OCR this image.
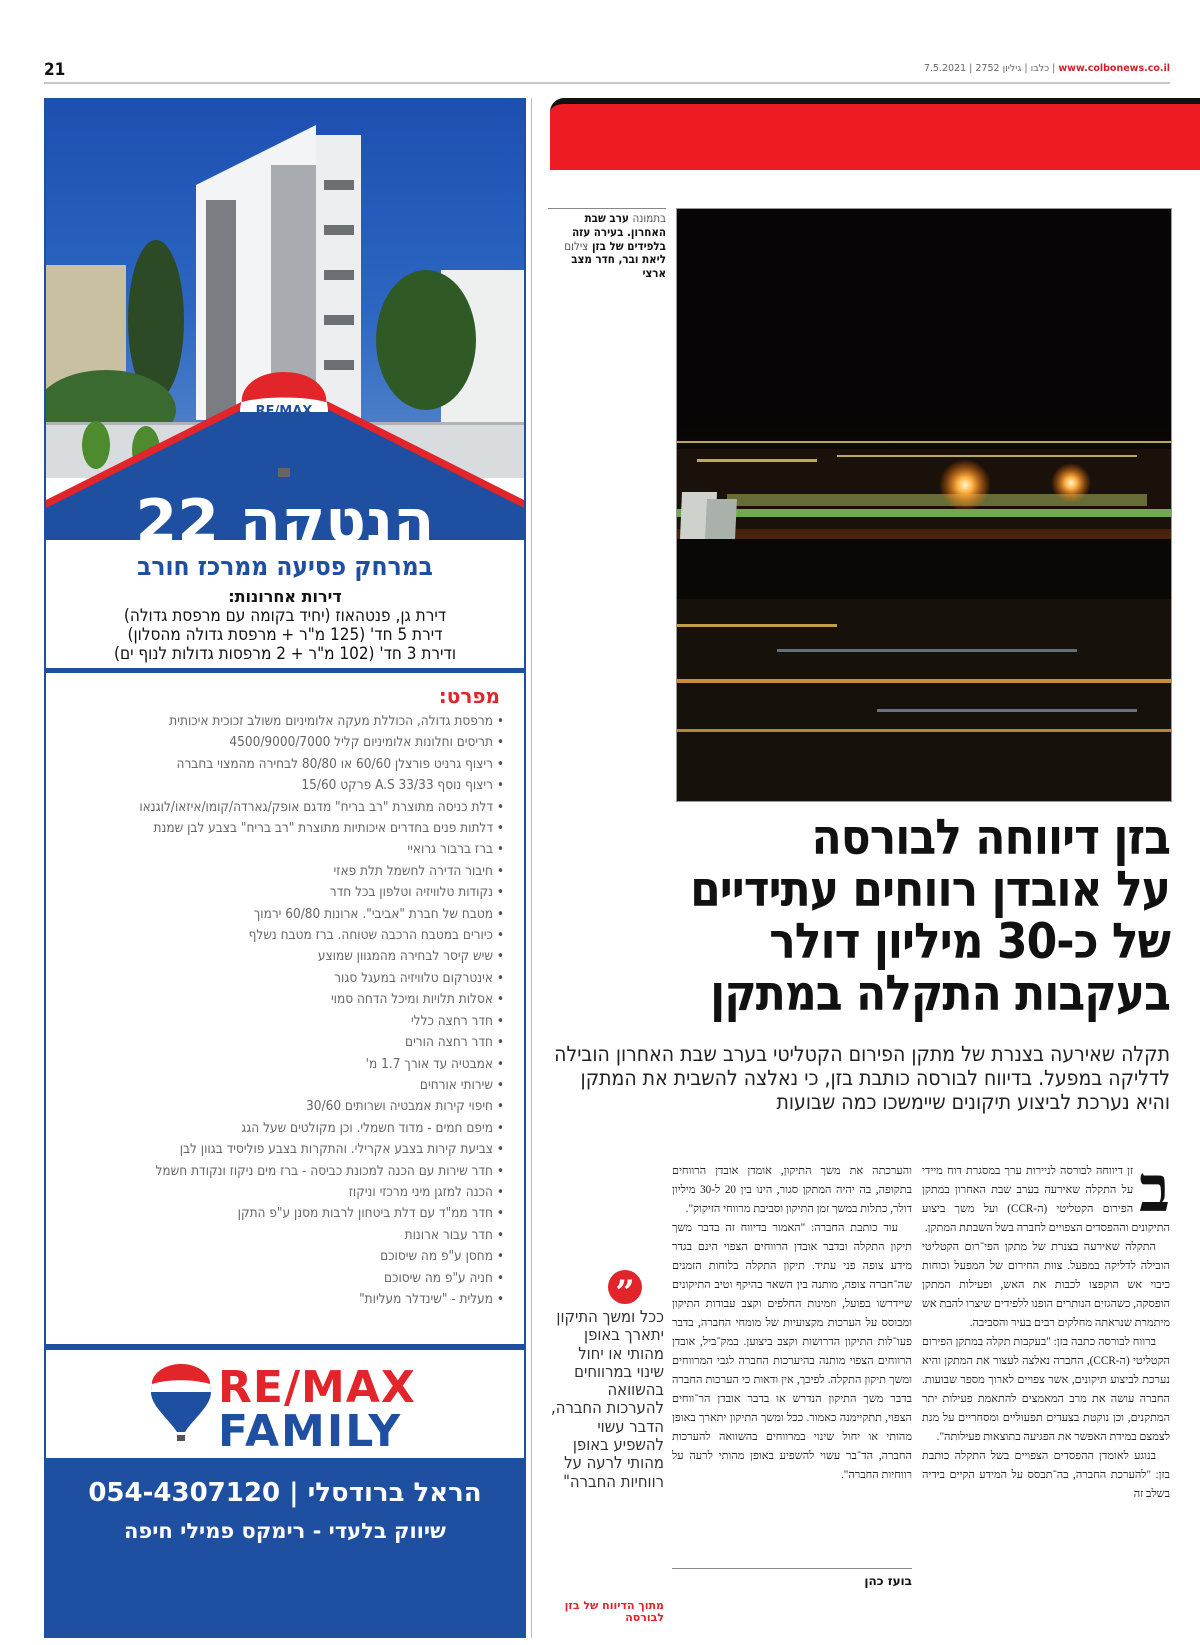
21	www.colbonews.co.il | כלבו | גיליון 2752 | 7.5.2021
בתמונה ערב שבת האחרון. בעירה עזה בלפידים של בזן צילום ליאת ובר, חדר מצב ארצי
בזן דיווחה לבורסה
על אובדן רווחים עתידיים
של כ-30 מיליון דולר
בעקבות התקלה במתקן
תקלה שאירעה בצנרת של מתקן הפירום הקטליטי בערב שבת האחרון הובילה לדליקה במפעל. בדיווח לבורסה כותבת בזן, כי נאלצה להשבית את המתקן והיא נערכת לביצוע תיקונים שיימשכו כמה שבועות

ב
זן דיווחה לבורסה לניירות ערך במסגרת דוח מיידי על התקלה שאירעה בערב שבת האחרון במתקן הפירום הקטליטי (ה-CCR) ועל משך ביצוע התיקונים וההפסדים הצפויים לחברה בשל השבתת המתקן.

התקלה שאירעה בצנרת של מתקן הפי־רום הקטליטי הובילה לדליקה במפעל. צוות החירום של המפעל וכוחות כיבוי אש הוקפצו לכבות את האש, ופעילות המתקן הופסקה, כשהגזים הנותרים הופנו ללפידים שיצרו להבת אש מיתמרת שנראתה מחלקים רבים בעיר והסביבה.

ברווח לבורסה כתבה בזן: "בעקבות תקלה במתקן הפירום הקטליטי (ה-CCR), החברה נאלצה לעצור את המתקן והיא נערכת לביצוע תיקונים, אשר צפויים לארוך מספר שבועות. החברה עושה את מרב המאמצים להתאמת פעילות יתר המתקנים, וכן נוקטת בצעדים תפעוליים ומסחריים על מנת לצמצם במידת האפשר את הפגיעה בתוצאות פעילותה".

בנוגע לאומדן ההפסדים הצפויים בשל התקלה כותבת בזן: "להערכת החברה, בה־תבסס על המידע הקיים בידיה בשלב זה

והערכתה את משך התיקון, אומדן אובדן הרווחים בתקופה, בה יהיה המתקן סגור, הינו בין 20 ל-30 מיליון דולר, כתלות במשך זמן התיקון וסביבת מרווחי הזיקוק".

עוד כותבת החברה: "האמור בדיווח זה בדבר משך תיקון התקלה ובדבר אובדן הרווחים הצפוי הינם בגדר מידע צופה פני עתיד. תיקון התקלה בלוחות הזמנים שה־חברה צופה, מותנה בין השאר בהיקף וטיב התיקונים שיידרשו בפועל, וזמינות החלפים וקצב עבודות התיקון ומבוסס על הערכות מקצועיות של מומחי החברה, בדבר פעו־לות התיקון הדרושות וקצב ביצוען. במק־ביל, אובדן הרווחים הצפוי מותנה בהיערכות החברה לגבי המרווחים ומשך תיקון התקלה. לפיכך, אין ודאות כי הערכות החברה בדבר משך התיקון הנדרש או בדבר אובדן הר־ווחים הצפוי, תתקיימנה כאמור. ככל ומשך התיקון יתארך באופן מהותי או יחול שינוי במרווחים בהשוואה להערכות החברה, הד־בר עשוי להשפיע באופן מהותי לרעה על רווחיות החברה".

בועז כהן
”
ככל ומשך התיקון יתארך באופן מהותי או יחול שינוי במרווחים בהשוואה להערכות החברה, הדבר עשוי להשפיע באופן מהותי לרעה על רווחיות החברה"
מתוך הדיווח של בזן לבורסה
RE/MAX
הנטקה 22
במרחק פסיעה ממרכז חורב
דירות אחרונות:
דירת גן, פנטהאוז (יחיד בקומה עם מרפסת גדולה)
דירת 5 חד' (125 מ"ר + מרפסת גדולה מהסלון)
ודירת 3 חד' (102 מ"ר + 2 מרפסות גדולות לנוף ים)
מפרט:
• מרפסת גדולה, הכוללת מעקה אלומיניום משולב זכוכית איכותית
• תריסים וחלונות אלומיניום קליל 4500/9000/7000
• ריצוף גרניט פורצלן 60/60 או 80/80 לבחירה מהמצוי בחברה
• ריצוף נוסף A.S 33/33 פרקט 15/60
• דלת כניסה מתוצרת "רב בריח" מדגם אופק/גארדה/קומו/איזאו/לוגנאו
• דלתות פנים בחדרים איכותיות מתוצרת "רב בריח" בצבע לבן שמנת
• ברז ברבור גרואיי
• חיבור הדירה לחשמל תלת פאזי
• נקודות טלוויזיה וטלפון בכל חדר
• מטבח של חברת "אביבי". ארונות 60/80 ירמוך
• כיורים במטבח הרכבה שטוחה. ברז מטבח נשלף
• שיש קיסר לבחירה מהמגוון שמוצע
• אינטרקום טלוויזיה במעגל סגור
• אסלות תלויות ומיכל הדחה סמוי
• חדר רחצה כללי
• חדר רחצה הורים
• אמבטיה עד אורך 1.7 מ'
• שירותי אורחים
• חיפוי קירות אמבטיה ושרותים 30/60
• מיפם חמים - מדוד חשמלי. וכן מקולטים שעל הגג
• צביעת קירות בצבע אקרילי. והתקרות בצבע פוליסיד בגוון לבן
• חדר שירות עם הכנה למכונת כביסה - ברז מים ניקוז ונקודת חשמל
• הכנה למזגן מיני מרכזי וניקוז
• חדר ממ"ד עם דלת ביטחון לרבות מסנן ע"פ התקן
• חדר עבור ארונות
• מחסן ע"פ מה שיסוכם
• חניה ע"פ מה שיסוכם
• מעלית - "שינדלר מעליות"
RE/MAX
FAMILY
הראל ברודסלי | 054-4307120
שיווק בלעדי - רימקס פמילי חיפה
